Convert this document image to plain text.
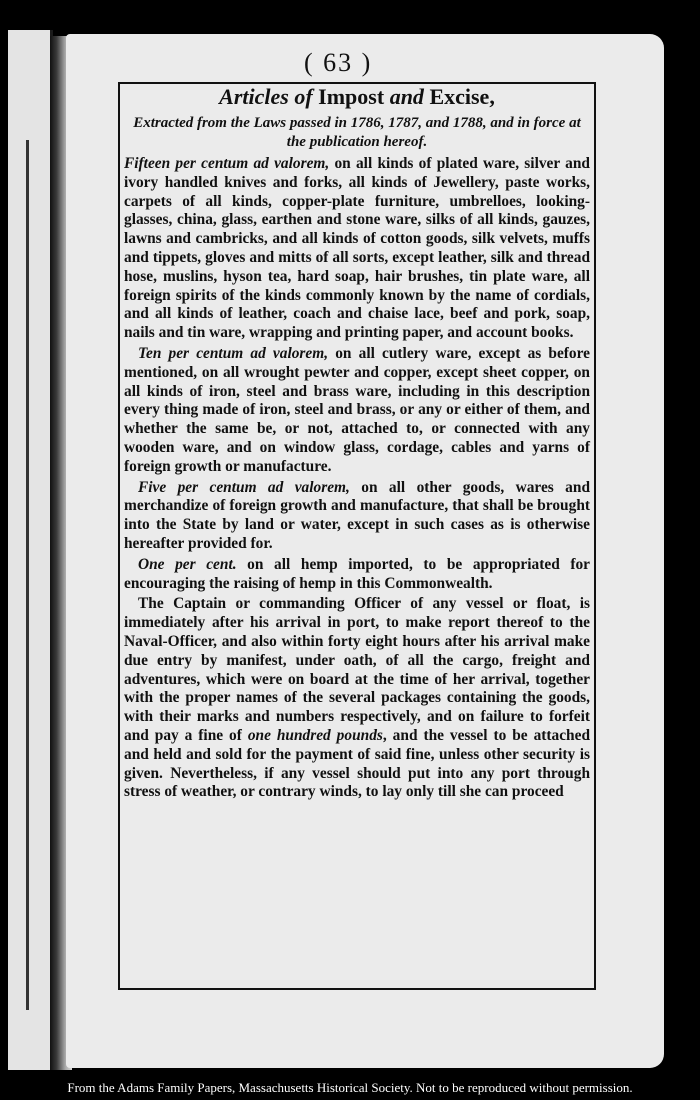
( 63 )
Articles of Impost and Excise,
Extracted from the Laws passed in 1786, 1787, and 1788, and in force at the publication hereof.

Fifteen per centum ad valorem, on all kinds of plated ware, silver and ivory handled knives and forks, all kinds of Jewellery, paste works, carpets of all kinds, copper-plate furniture, umbrelloes, looking-glasses, china, glass, earthen and stone ware, silks of all kinds, gauzes, lawns and cambricks, and all kinds of cotton goods, silk velvets, muffs and tippets, gloves and mitts of all sorts, except leather, silk and thread hose, muslins, hyson tea, hard soap, hair brushes, tin plate ware, all foreign spirits of the kinds commonly known by the name of cordials, and all kinds of leather, coach and chaise lace, beef and pork, soap, nails and tin ware, wrapping and printing paper, and account books.

Ten per centum ad valorem, on all cutlery ware, except as before mentioned, on all wrought pewter and copper, except sheet copper, on all kinds of iron, steel and brass ware, including in this description every thing made of iron, steel and brass, or any or either of them, and whether the same be, or not, attached to, or connected with any wooden ware, and on window glass, cordage, cables and yarns of foreign growth or manufacture.

Five per centum ad valorem, on all other goods, wares and merchandize of foreign growth and manufacture, that shall be brought into the State by land or water, except in such cases as is otherwise hereafter provided for.

One per cent. on all hemp imported, to be appropriated for encouraging the raising of hemp in this Commonwealth.

The Captain or commanding Officer of any vessel or float, is immediately after his arrival in port, to make report thereof to the Naval-Officer, and also within forty eight hours after his arrival make due entry by manifest, under oath, of all the cargo, freight and adventures, which were on board at the time of her arrival, together with the proper names of the several packages containing the goods, with their marks and numbers respectively, and on failure to forfeit and pay a fine of one hundred pounds, and the vessel to be attached and held and sold for the payment of said fine, unless other security is given. Nevertheless, if any vessel should put into any port through stress of weather, or contrary winds, to lay only till she can proceed

From the Adams Family Papers, Massachusetts Historical Society. Not to be reproduced without permission.
